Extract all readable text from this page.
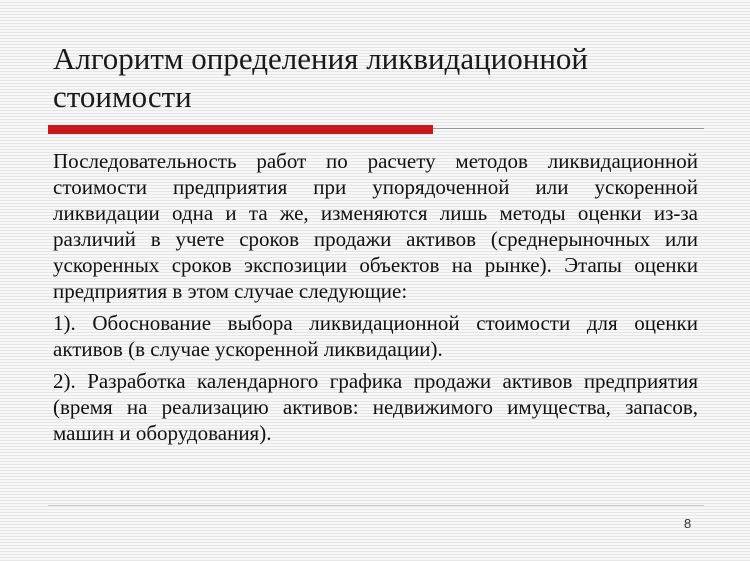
Алгоритм определения ликвидационной стоимости

Последовательность работ по расчету методов ликвидационной стоимости предприятия при упорядоченной или ускоренной ликвидации одна и та же, изменяются лишь методы оценки из-за различий в учете сроков продажи активов (среднерыночных или ускоренных сроков экспозиции объектов на рынке). Этапы оценки предприятия в этом случае следующие:

1). Обоснование выбора ликвидационной стоимости для оценки активов (в случае ускоренной ликвидации).

2). Разработка календарного графика продажи активов предприятия (время на реализацию активов: недвижимого имущества, запасов, машин и оборудования).

8
